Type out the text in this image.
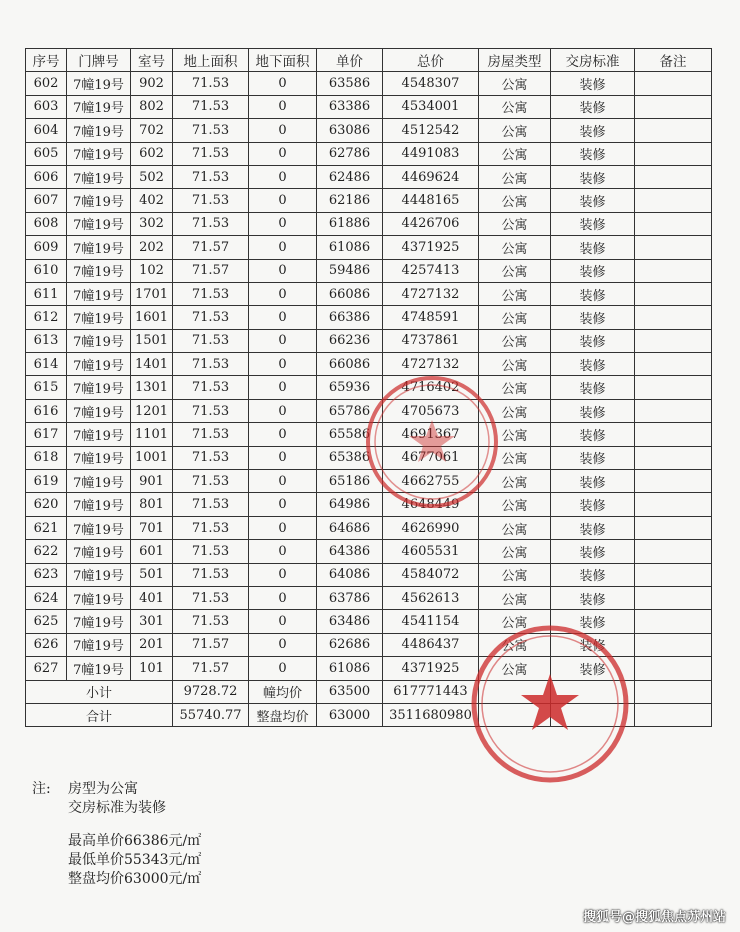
序号	门牌号	室号	地上面积	地下面积	单价	总价	房屋类型	交房标准	备注
602	7幢19号	902	71.53	0	63586	4548307	公寓	装修	
603	7幢19号	802	71.53	0	63386	4534001	公寓	装修	
604	7幢19号	702	71.53	0	63086	4512542	公寓	装修	
605	7幢19号	602	71.53	0	62786	4491083	公寓	装修	
606	7幢19号	502	71.53	0	62486	4469624	公寓	装修	
607	7幢19号	402	71.53	0	62186	4448165	公寓	装修	
608	7幢19号	302	71.53	0	61886	4426706	公寓	装修	
609	7幢19号	202	71.57	0	61086	4371925	公寓	装修	
610	7幢19号	102	71.57	0	59486	4257413	公寓	装修	
611	7幢19号	1701	71.53	0	66086	4727132	公寓	装修	
612	7幢19号	1601	71.53	0	66386	4748591	公寓	装修	
613	7幢19号	1501	71.53	0	66236	4737861	公寓	装修	
614	7幢19号	1401	71.53	0	66086	4727132	公寓	装修	
615	7幢19号	1301	71.53	0	65936	4716402	公寓	装修	
616	7幢19号	1201	71.53	0	65786	4705673	公寓	装修	
617	7幢19号	1101	71.53	0	65586	4691367	公寓	装修	
618	7幢19号	1001	71.53	0	65386	4677061	公寓	装修	
619	7幢19号	901	71.53	0	65186	4662755	公寓	装修	
620	7幢19号	801	71.53	0	64986	4648449	公寓	装修	
621	7幢19号	701	71.53	0	64686	4626990	公寓	装修	
622	7幢19号	601	71.53	0	64386	4605531	公寓	装修	
623	7幢19号	501	71.53	0	64086	4584072	公寓	装修	
624	7幢19号	401	71.53	0	63786	4562613	公寓	装修	
625	7幢19号	301	71.53	0	63486	4541154	公寓	装修	
626	7幢19号	201	71.57	0	62686	4486437	公寓	装修	
627	7幢19号	101	71.57	0	61086	4371925	公寓	装修	
小计			9728.72	幢均价	63500	617771443			
合计			55740.77	整盘均价	63000	3511680980			
注: 房型为公寓
交房标准为装修
最高单价66386元/㎡
最低单价55343元/㎡
整盘均价63000元/㎡
搜狐号@搜狐焦点苏州站
